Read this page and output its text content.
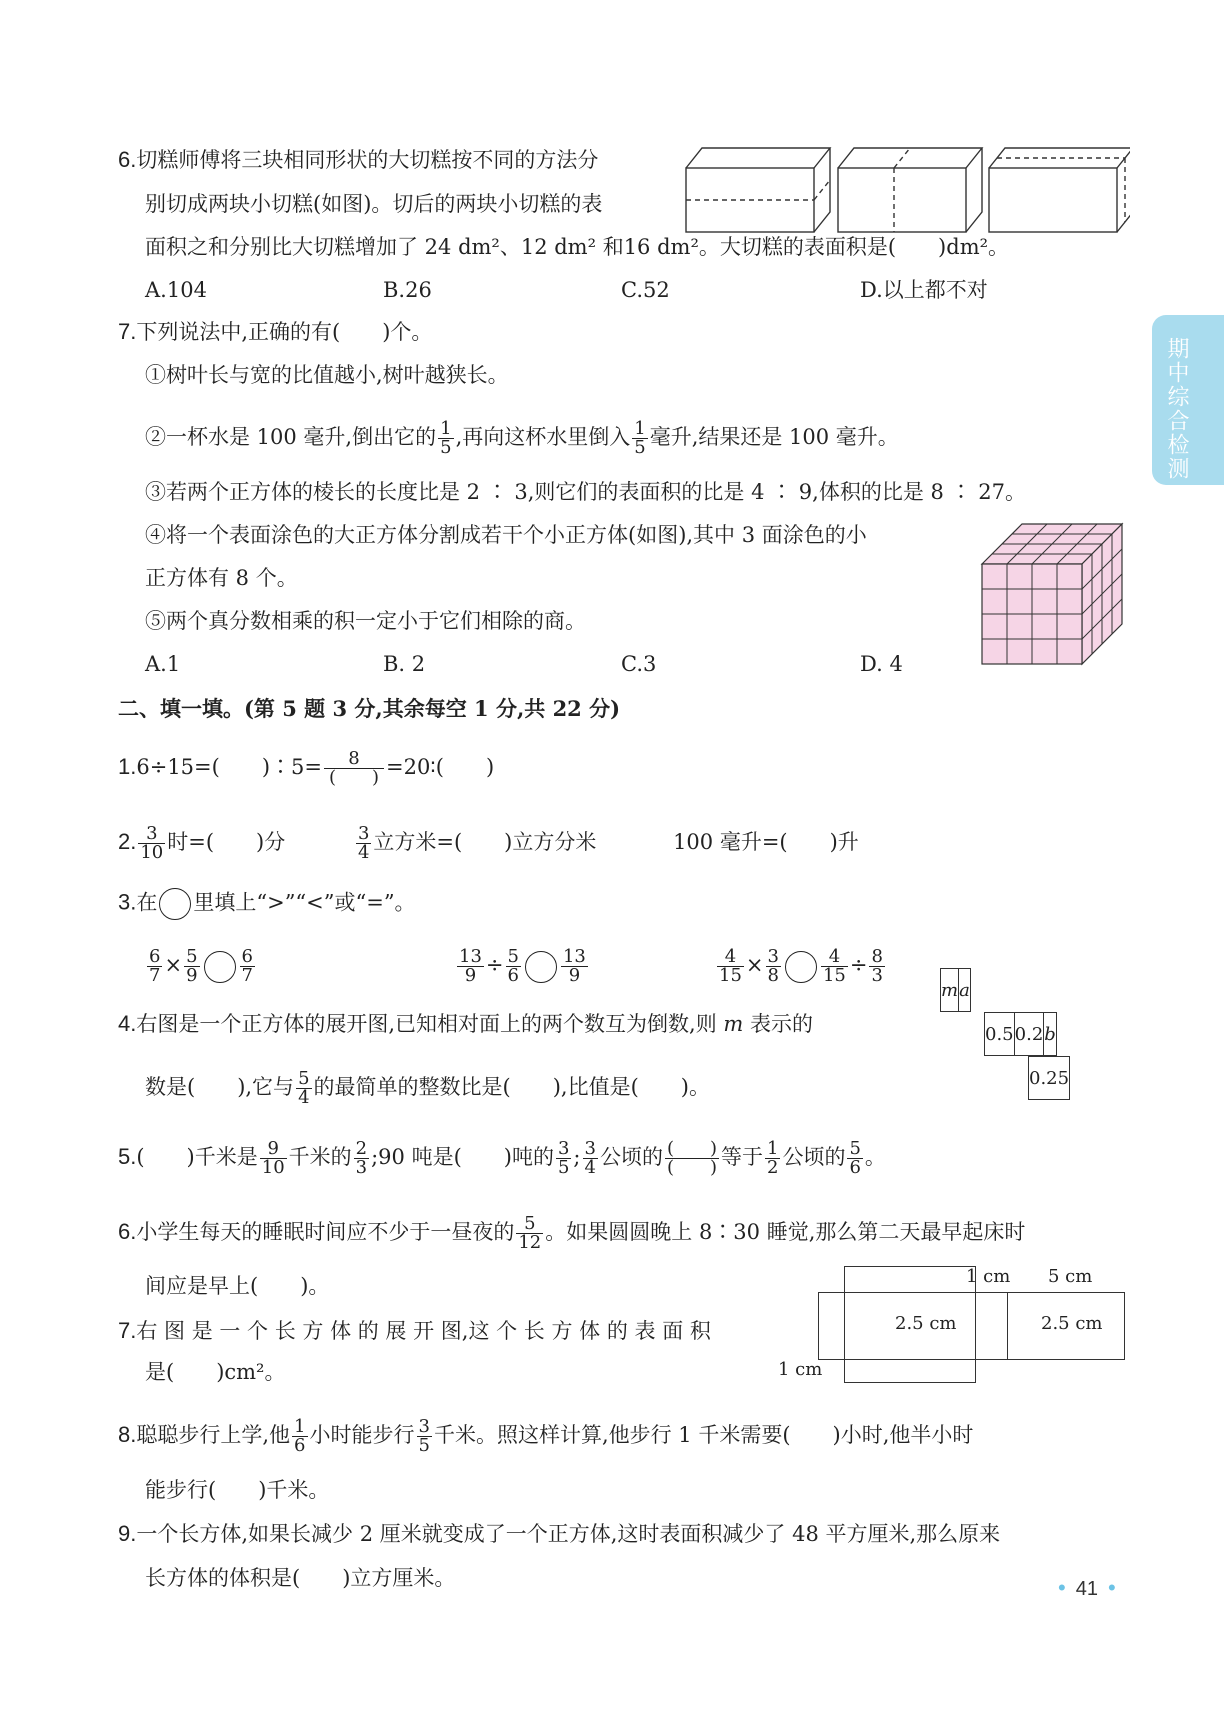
期中综合检测
6.切糕师傅将三块相同形状的大切糕按不同的方法分
别切成两块小切糕(如图)。切后的两块小切糕的表
面积之和分别比大切糕增加了 24 dm²、12 dm² 和16 dm²。大切糕的表面积是(　　)dm²。
A.104	B.26	C.52	D.以上都不对
7.下列说法中,正确的有(　　)个。
①树叶长与宽的比值越小,树叶越狭长。
②一杯水是 100 毫升,倒出它的 $\frac{1}{5}$ ,再向这杯水里倒入 $\frac{1}{5}$ 毫升,结果还是 100 毫升。
③若两个正方体的棱长的长度比是 2 ∶ 3,则它们的表面积的比是 4 ∶ 9,体积的比是 8 ∶ 27。
④将一个表面涂色的大正方体分割成若干个小正方体(如图),其中 3 面涂色的小
正方体有 8 个。
⑤两个真分数相乘的积一定小于它们相除的商。
A.1	B. 2	C.3	D. 4
二、填一填。(第 5 题 3 分,其余每空 1 分,共 22 分)
1.6÷15=(　　)∶5= $\frac{8}{( )}$ =20∶(　　)
2. $\frac{3}{10}$ 时=(　　)分	$\frac{3}{4}$ 立方米=(　　)立方分米	100 毫升=(　　)升
3.在 里填上“>”“<”或“=”。
$\frac{6}{7} \times \frac{5}{9} \frac{6}{7}$	$\frac{13}{9} \div \frac{5}{6} \frac{13}{9}$	$\frac{4}{15} \times \frac{3}{8} \frac{4}{15} \div \frac{8}{3}$
4.右图是一个正方体的展开图,已知相对面上的两个数互为倒数,则 m 表示的
数是(　　),它与 $\frac{5}{4}$ 的最简单的整数比是(　　),比值是(　　)。
m	a
0.5	0.2	b
0.25
5.(　　)千米是 $\frac{9}{10}$ 千米的 $\frac{2}{3}$ ;90 吨是(　　)吨的 $\frac{3}{5}$ ; $\frac{3}{4}$ 公顷的 $\frac{( )}{( )}$ 等于 $\frac{1}{2}$ 公顷的 $\frac{5}{6}$ 。
6.小学生每天的睡眠时间应不少于一昼夜的 $\frac{5}{12}$ 。如果圆圆晚上 8∶30 睡觉,那么第二天最早起床时
间应是早上(　　)。
7.右 图 是 一 个 长 方 体 的 展 开 图,这 个 长 方 体 的 表 面 积
是(　　)cm²。
1 cm 5 cm
2.5 cm	2.5 cm
1 cm
8.聪聪步行上学,他 $\frac{1}{6}$ 小时能步行 $\frac{3}{5}$ 千米。照这样计算,他步行 1 千米需要(　　)小时,他半小时
能步行(　　)千米。
9.一个长方体,如果长减少 2 厘米就变成了一个正方体,这时表面积减少了 48 平方厘米,那么原来
长方体的体积是(　　)立方厘米。	• 41 •
